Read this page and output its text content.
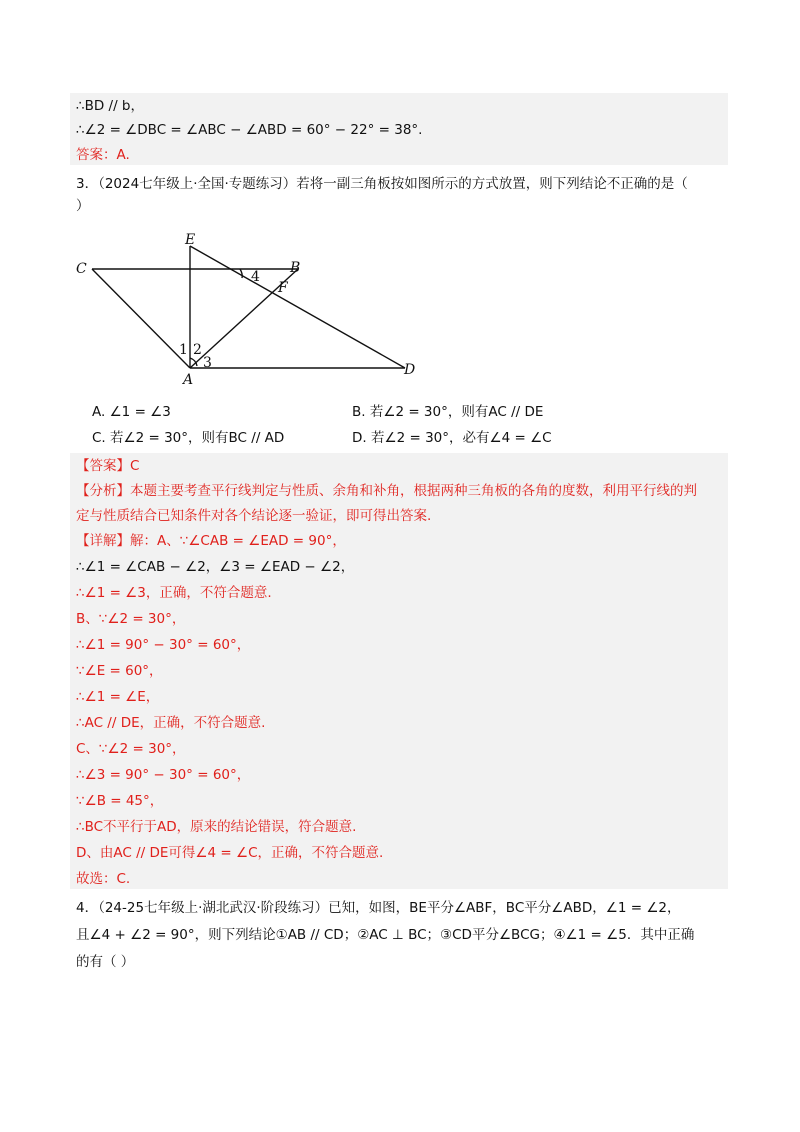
∴BD // b，
∴∠2 = ∠DBC = ∠ABC − ∠ABD = 60° − 22° = 38°.
答案：A.
3．（2024七年级上·全国·专题练习）若将一副三角板按如图所示的方式放置，则下列结论不正确的是（
）
E
C	B
4
F
1 2
3
A
D
A. ∠1 = ∠3	B. 若∠2 = 30°，则有AC // DE
C. 若∠2 = 30°，则有BC // AD	D. 若∠2 = 30°，必有∠4 = ∠C
【答案】C
【分析】本题主要考查平行线判定与性质、余角和补角，根据两种三角板的各角的度数，利用平行线的判
定与性质结合已知条件对各个结论逐一验证，即可得出答案.
【详解】解：A、∵∠CAB = ∠EAD = 90°，
∴∠1 = ∠CAB − ∠2，∠3 = ∠EAD − ∠2，
∴∠1 = ∠3，正确，不符合题意.
B、∵∠2 = 30°，
∴∠1 = 90° − 30° = 60°，
∵∠E = 60°，
∴∠1 = ∠E，
∴AC // DE，正确，不符合题意.
C、∵∠2 = 30°，
∴∠3 = 90° − 30° = 60°，
∵∠B = 45°，
∴BC不平行于AD，原来的结论错误，符合题意.
D、由AC // DE可得∠4 = ∠C，正确，不符合题意.
故选：C.
4．（24-25七年级上·湖北武汉·阶段练习）已知，如图，BE平分∠ABF，BC平分∠ABD，∠1 = ∠2，
且∠4 + ∠2 = 90°，则下列结论①AB // CD；②AC ⊥ BC；③CD平分∠BCG；④∠1 = ∠5．其中正确
的有（ ）
